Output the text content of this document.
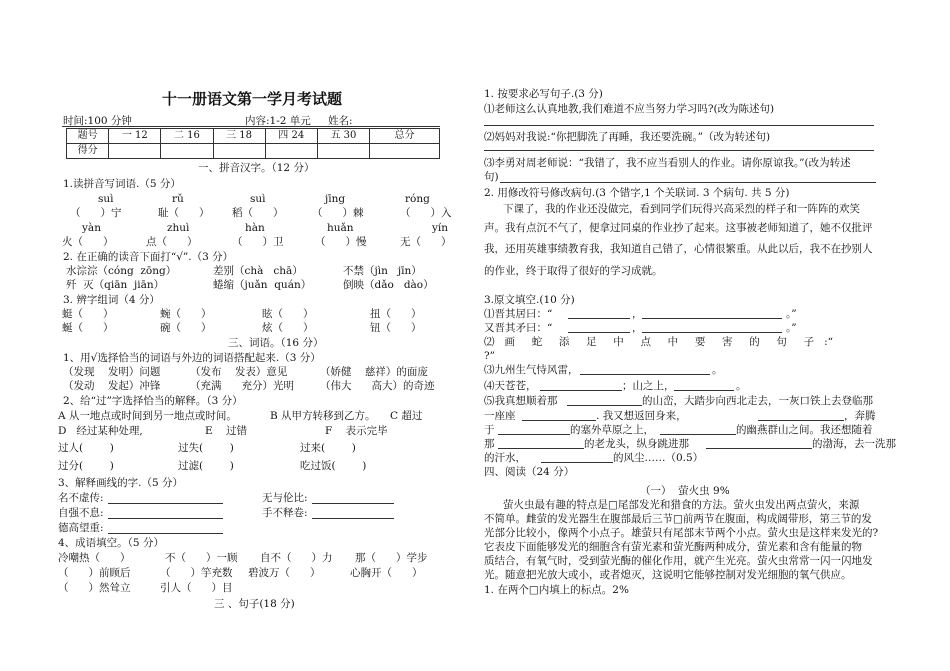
十一册语文第一学月考试题
时间:100 分钟	内容:1-2 单元 姓名:
题号	一 12	二 16	三 18	四 24	五 30	总分
得分						
一、拼音汉字。（12 分）
1.读拼音写词语.（5 分）
suì	rǔ	suì	jīng	róng
（      ）宁	耻（      ） 稻（      ）	（      ）棘	（      ）入
yàn	zhuì	hàn	huǎn	yín
火（      ）	点（      ）	（      ）卫	（      ）慢	无（      ）
2. 在正确的读音下面打“√”.（3 分）
水淙淙（cóng  zōng）	差别（chà   chā）	不禁（jìn   jīn）
歼  灭（qiān  jiān）	蜷缩（juǎn  quán）	倒映（dǎo   dào）
3. 辨字组词（4 分）
蜓（      ）	蜿（      ）	眩（      ）	扭（      ）
蜒（      ）	碗（      ）	炫（      ）	钮（      ）
三、词语。（16 分）
1、用√选择恰当的词语与外边的词语搭配起来.（3 分）
（发现    发明）问题	（发布    发表）意见	（娇健    慈祥）的面庞
（发动    发起）冲锋	（充满      充分）光明 （伟大      高大）的奇迹
2、给“过”字选择恰当的解释。（3 分）
A 从一地点或时间到另一地点或时间。	B 从甲方转移到乙方。 C 超过
D   经过某种处理,	E    过错	F    表示完毕
过人(        )	过失(        )	过来(        )
过分(        )	过滤(        )	吃过饭(        )
3、解释画线的字.（5 分）
名不虚传:	无与伦比:
自强不息:	手不释卷:
德高望重:
4、成语填空。（5 分）
冷嘲热（      ）	不（      ）一顾 自不（      ）力 那（      ）学步
（      ）前顾后	（      ）竽充数 碧波万（      ）	心胸开（      ）
（      ）然耸立	引人（      ）目
三 、句子(18 分)
1. 按要求必写句子.(3 分)
⑴老师这么认真地教,我们难道不应当努力学习吗?(改为陈述句)
⑵妈妈对我说:“你把脚洗了再睡，我还要洗碗。”（改为转述句)
⑶李勇对周老师说：“我错了，我不应当看别人的作业。请你原谅我。”(改为转述
句)
2. 用修改符号修改病句.(3 个错字,1 个关联词. 3 个病句. 共 5 分)
下课了，我的作业还没做完，看到同学们玩得兴高采烈的样子和一阵阵的欢笑
声。我有点沉不气了，便拿过同桌的作业抄了起来。这事被老师知道了，她不仅批评
我，还用英雄事绩教育我，我知道自己错了，心情很繁重。从此以后，我不在抄别人
的作业，终于取得了很好的学习成就。
3.原文填空.(10 分)
⑴晋其居曰：“	，	。”
又晋其矛曰：“	，	。”
⑵   画     蛇     添     足     中     点     中     要     害     的     句     子   :“
?”
⑶九州生气恃风雷，	。
⑷天苍苍，	；山之上，	。
⑸我真想顺着那	的山峦，大踏步向西北走去，一灰口铁上去登临那
一座座	. 我又想返回身来，	，奔腾
于	的塞外草原之上，	的幽燕群山之间。我还想随着
那	的老龙头，纵身跳进那	的渤海，去一洗那
的汗水，	的风尘……（0.5）
四、阅读（24 分）
（一）  萤火虫 9%
萤火虫最有趣的特点是□尾部发光和猎食的方法。萤火虫发出两点萤火，来源
不简单。雌萤的发光器生在腹部最后三节□前两节在腹面，构成阔带形，第三节的发
光部分比较小，像两个小点子。雄萤只有尾部末节两个小点。萤火虫是这样来发光的?
它表皮下面能够发光的细胞含有萤光素和萤光酶两种成分，萤光素和含有能量的物
质结合，有氧气时，受到萤光酶的催化作用，就产生光亮。萤火虫常常一闪一闪地发
光。随意把光放大或小，或者熄灭，这说明它能够控制对发光细胞的氧气供应。
1. 在两个□内填上的标点。2%
